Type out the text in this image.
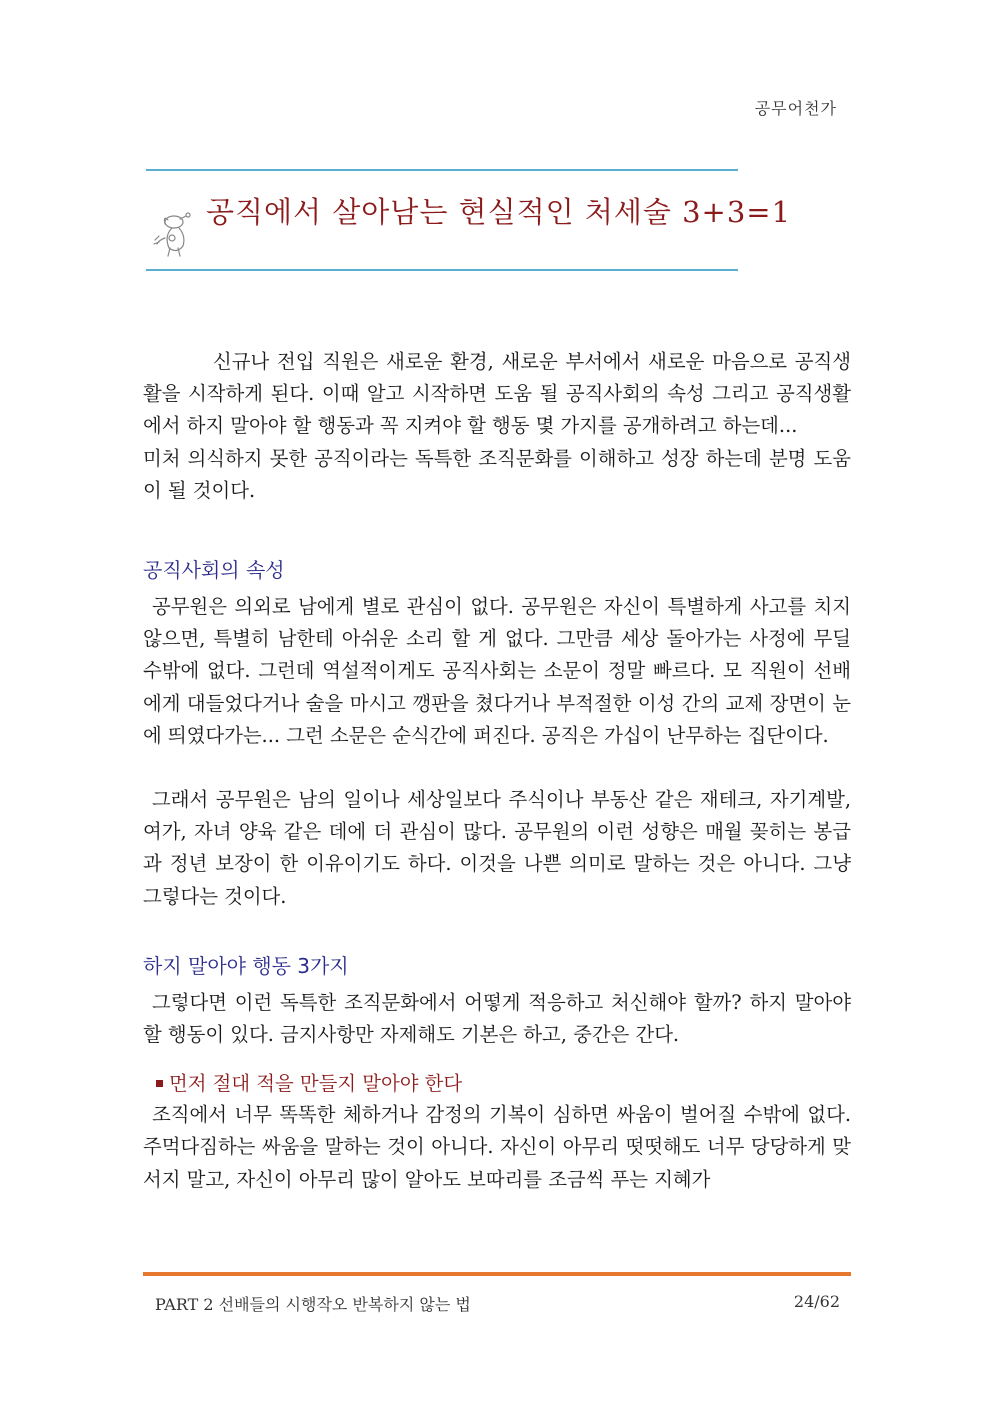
공무어천가
공직에서 살아남는 현실적인 처세술 3+3=1

신규나 전입 직원은 새로운 환경, 새로운 부서에서 새로운 마음으로 공직생활을 시작하게 된다. 이때 알고 시작하면 도움 될 공직사회의 속성 그리고 공직생활에서 하지 말아야 할 행동과 꼭 지켜야 할 행동 몇 가지를 공개하려고 하는데...

미처 의식하지 못한 공직이라는 독특한 조직문화를 이해하고 성장 하는데 분명 도움이 될 것이다.

공직사회의 속성

공무원은 의외로 남에게 별로 관심이 없다. 공무원은 자신이 특별하게 사고를 치지 않으면, 특별히 남한테 아쉬운 소리 할 게 없다. 그만큼 세상 돌아가는 사정에 무딜 수밖에 없다. 그런데 역설적이게도 공직사회는 소문이 정말 빠르다. 모 직원이 선배에게 대들었다거나 술을 마시고 깽판을 쳤다거나 부적절한 이성 간의 교제 장면이 눈에 띄였다가는... 그런 소문은 순식간에 퍼진다. 공직은 가십이 난무하는 집단이다.

그래서 공무원은 남의 일이나 세상일보다 주식이나 부동산 같은 재테크, 자기계발, 여가, 자녀 양육 같은 데에 더 관심이 많다. 공무원의 이런 성향은 매월 꽂히는 봉급과 정년 보장이 한 이유이기도 하다. 이것을 나쁜 의미로 말하는 것은 아니다. 그냥 그렇다는 것이다.

하지 말아야 행동 3가지

그렇다면 이런 독특한 조직문화에서 어떻게 적응하고 처신해야 할까? 하지 말아야 할 행동이 있다. 금지사항만 자제해도 기본은 하고, 중간은 간다.

먼저 절대 적을 만들지 말아야 한다

조직에서 너무 똑똑한 체하거나 감정의 기복이 심하면 싸움이 벌어질 수밖에 없다. 주먹다짐하는 싸움을 말하는 것이 아니다. 자신이 아무리 떳떳해도 너무 당당하게 맞서지 말고, 자신이 아무리 많이 알아도 보따리를 조금씩 푸는 지혜가

PART 2 선배들의 시행작오 반복하지 않는 법	24/62
